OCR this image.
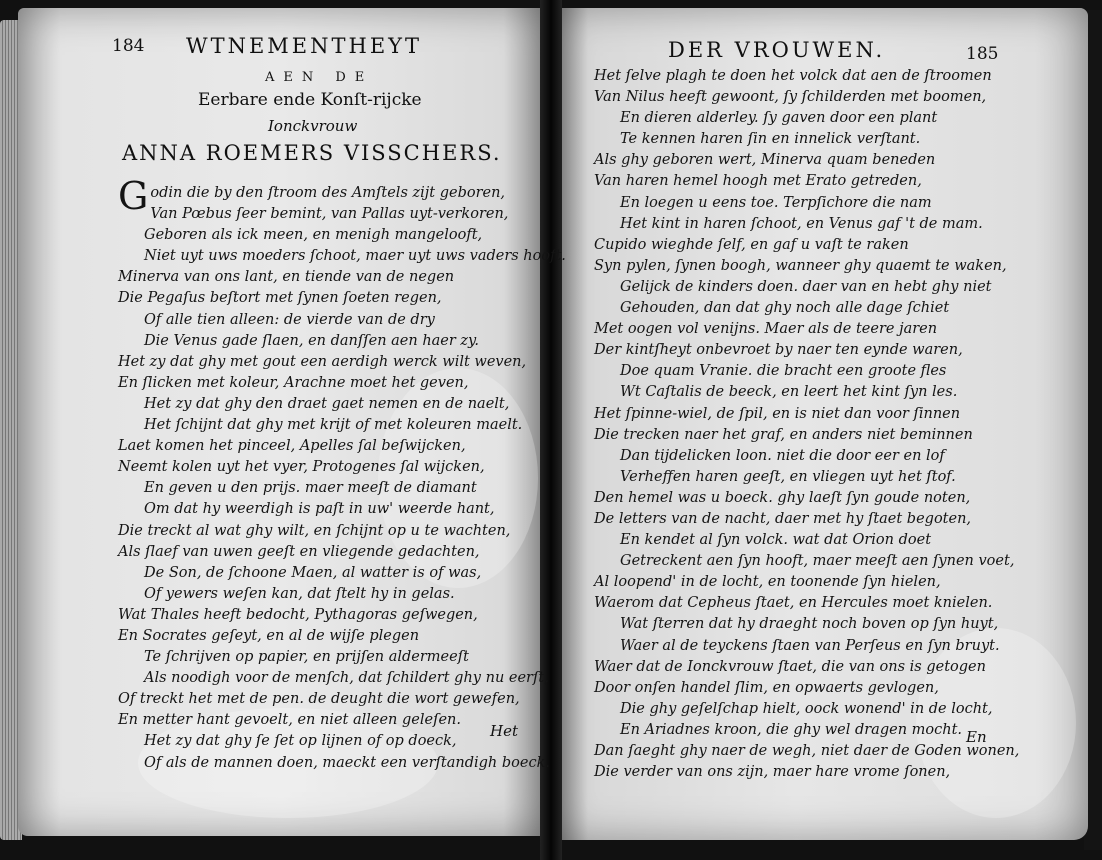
184 WTNEMENTHEYT
AEN DE
Eerbare ende Konſt-rijcke
Ionckvrouw
ANNA ROEMERS VISSCHERS.
G odin die by den ſtroom des Amſtels zijt geboren,
Van Pœbus ſeer bemint, van Pallas uyt-verkoren,
Geboren als ick meen, en menigh mangelooft,
Niet uyt uws moeders ſchoot, maer uyt uws vaders hooft.
Minerva van ons lant, en tiende van de negen
Die Pegaſus beſtort met ſynen ſoeten regen,
Of alle tien alleen: de vierde van de dry
Die Venus gade ſlaen, en danſſen aen haer zy.
Het zy dat ghy met gout een aerdigh werck wilt weven,
En ſlicken met koleur, Arachne moet het geven,
Het zy dat ghy den draet gaet nemen en de naelt,
Het ſchijnt dat ghy met krijt of met koleuren maelt.
Laet komen het pinceel, Apelles ſal beſwijcken,
Neemt kolen uyt het vyer, Protogenes ſal wijcken,
En geven u den prijs. maer meeſt de diamant
Om dat hy weerdigh is paſt in uw' weerde hant,
Die treckt al wat ghy wilt, en ſchijnt op u te wachten,
Als ſlaef van uwen geeſt en vliegende gedachten,
De Son, de ſchoone Maen, al watter is of was,
Of yewers weſen kan, dat ſtelt hy in gelas.
Wat Thales heeft bedocht, Pythagoras geſwegen,
En Socrates geſeyt, en al de wijſe plegen
Te ſchrijven op papier, en prijſen aldermeeſt
Als noodigh voor de menſch, dat ſchildert ghy nu eerſt,
Of treckt het met de pen. de deught die wort gewefen,
En metter hant gevoelt, en niet alleen geleſen.
Het zy dat ghy ſe ſet op lijnen of op doeck,
Of als de mannen doen, maeckt een verſtandigh boeck.
Het
DER VROUWEN.	185
Het ſelve plagh te doen het volck dat aen de ſtroomen
Van Nilus heeft gewoont, ſy ſchilderden met boomen,
En dieren alderley. ſy gaven door een plant
Te kennen haren ſin en innelick verſtant.
Als ghy geboren wert, Minerva quam beneden
Van haren hemel hoogh met Erato getreden,
En loegen u eens toe. Terpſichore die nam
Het kint in haren ſchoot, en Venus gaf 't de mam.
Cupido wieghde ſelf, en gaf u vaſt te raken
Syn pylen, ſynen boogh, wanneer ghy quaemt te waken,
Gelijck de kinders doen. daer van en hebt ghy niet
Gehouden, dan dat ghy noch alle dage ſchiet
Met oogen vol venijns. Maer als de teere jaren
Der kintſheyt onbevroet by naer ten eynde waren,
Doe quam Vranie. die bracht een groote fles
Wt Caſtalis de beeck, en leert het kint ſyn les.
Het ſpinne-wiel, de ſpil, en is niet dan voor ſinnen
Die trecken naer het graf, en anders niet beminnen
Dan tijdelicken loon. niet die door eer en lof
Verheffen haren geeſt, en vliegen uyt het ſtof.
Den hemel was u boeck. ghy laeſt ſyn goude noten,
De letters van de nacht, daer met hy ſtaet begoten,
En kendet al ſyn volck. wat dat Orion doet
Getreckent aen ſyn hooft, maer meeſt aen ſynen voet,
Al loopend' in de locht, en toonende ſyn hielen,
Waerom dat Cepheus ſtaet, en Hercules moet knielen.
Wat ſterren dat hy draeght noch boven op ſyn huyt,
Waer al de teyckens ſtaen van Perſeus en ſyn bruyt.
Waer dat de Ionckvrouw ſtaet, die van ons is getogen
Door onſen handel ſlim, en opwaerts gevlogen,
Die ghy geſelſchap hielt, oock wonend' in de locht,
En Ariadnes kroon, die ghy wel dragen mocht.
Dan ſaeght ghy naer de wegh, niet daer de Goden wonen,
Die verder van ons zijn, maer hare vrome ſonen,
En
